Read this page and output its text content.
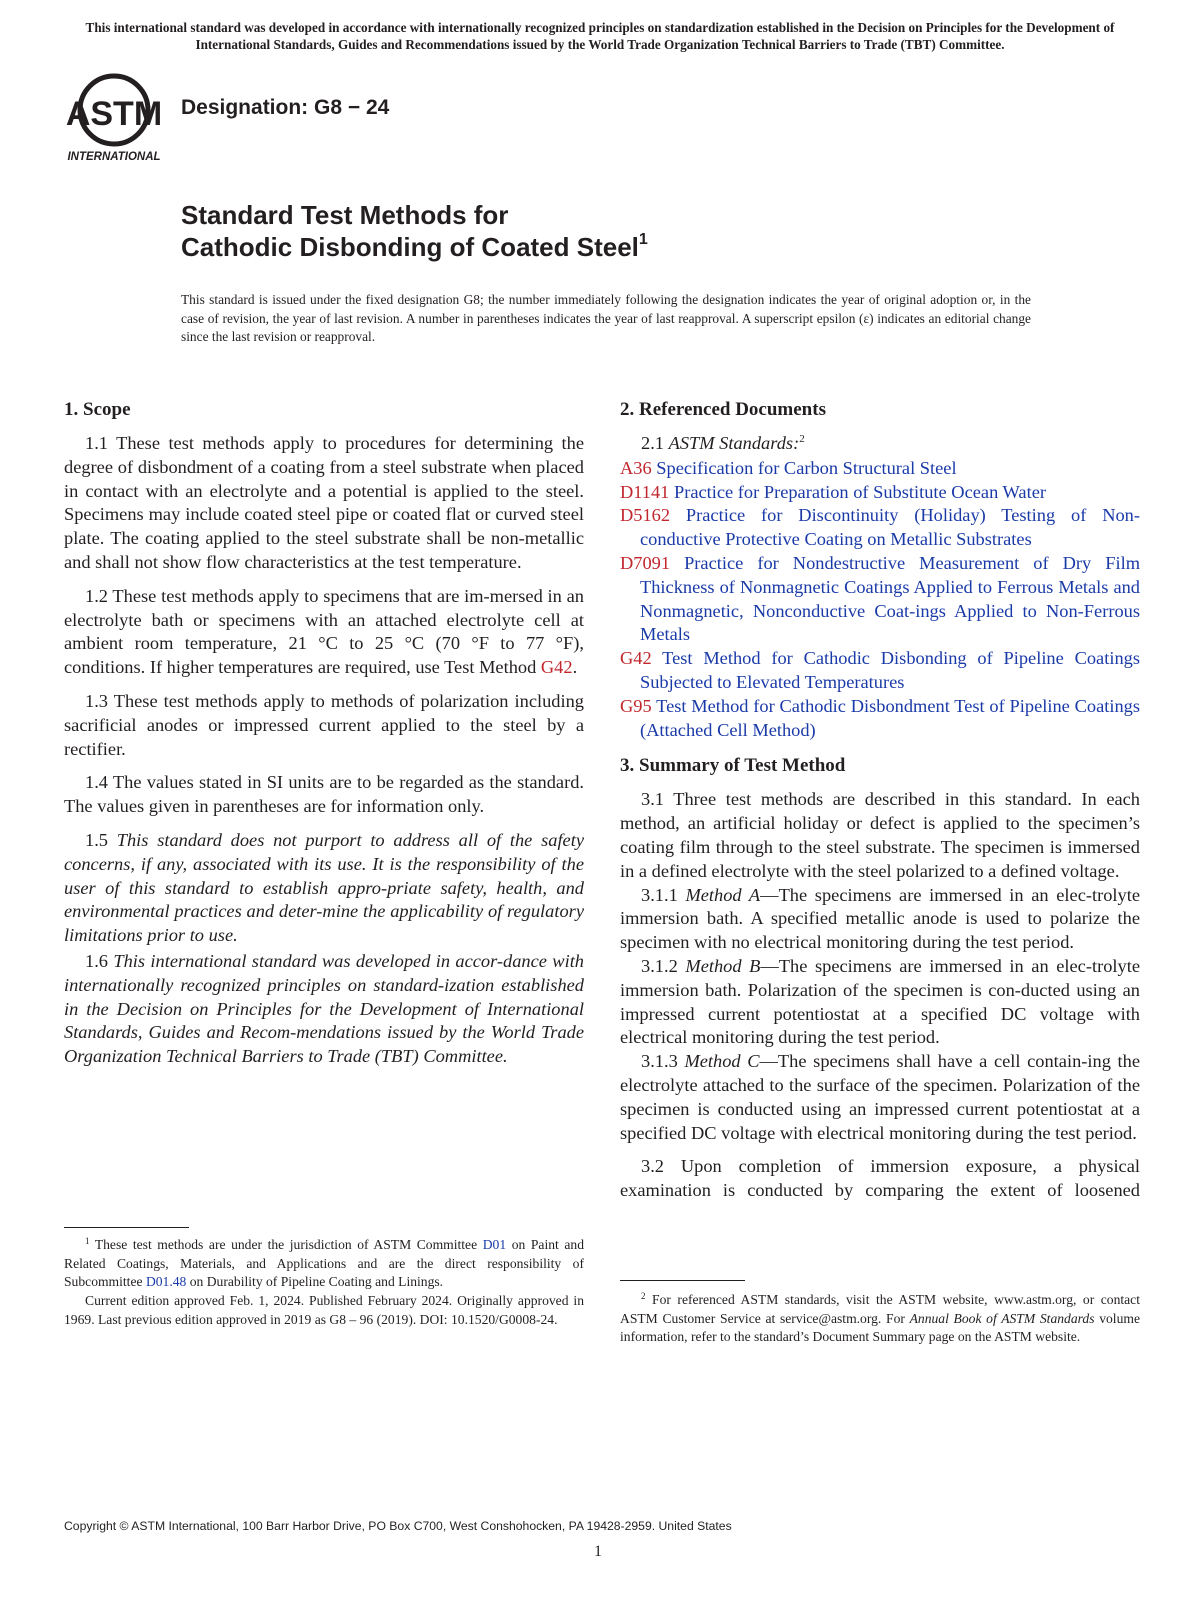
This international standard was developed in accordance with internationally recognized principles on standardization established in the Decision on Principles for the Development of International Standards, Guides and Recommendations issued by the World Trade Organization Technical Barriers to Trade (TBT) Committee.
ASTM
INTERNATIONAL
Designation: G8 − 24
Standard Test Methods for
Cathodic Disbonding of Coated Steel$^1$
This standard is issued under the fixed designation G8; the number immediately following the designation indicates the year of original adoption or, in the case of revision, the year of last revision. A number in parentheses indicates the year of last reapproval. A superscript epsilon (ε) indicates an editorial change since the last revision or reapproval.
1. Scope

1.1 These test methods apply to procedures for determining the degree of disbondment of a coating from a steel substrate when placed in contact with an electrolyte and a potential is applied to the steel. Specimens may include coated steel pipe or coated flat or curved steel plate. The coating applied to the steel substrate shall be non-metallic and shall not show flow characteristics at the test temperature.

1.2 These test methods apply to specimens that are im-mersed in an electrolyte bath or specimens with an attached electrolyte cell at ambient room temperature, 21 °C to 25 °C (70 °F to 77 °F), conditions. If higher temperatures are required, use Test Method G42.

1.3 These test methods apply to methods of polarization including sacrificial anodes or impressed current applied to the steel by a rectifier.

1.4 The values stated in SI units are to be regarded as the standard. The values given in parentheses are for information only.

1.5 This standard does not purport to address all of the safety concerns, if any, associated with its use. It is the responsibility of the user of this standard to establish appro-priate safety, health, and environmental practices and deter-mine the applicability of regulatory limitations prior to use.

1.6 This international standard was developed in accor-dance with internationally recognized principles on standard-ization established in the Decision on Principles for the Development of International Standards, Guides and Recom-mendations issued by the World Trade Organization Technical Barriers to Trade (TBT) Committee.

$^1$ These test methods are under the jurisdiction of ASTM Committee D01 on Paint and Related Coatings, Materials, and Applications and are the direct responsibility of Subcommittee D01.48 on Durability of Pipeline Coating and Linings.

Current edition approved Feb. 1, 2024. Published February 2024. Originally approved in 1969. Last previous edition approved in 2019 as G8 – 96 (2019). DOI: 10.1520/G0008-24.

2. Referenced Documents

2.1 ASTM Standards:$^2$

A36 Specification for Carbon Structural Steel
D1141 Practice for Preparation of Substitute Ocean Water
D5162 Practice for Discontinuity (Holiday) Testing of Non-conductive Protective Coating on Metallic Substrates
D7091 Practice for Nondestructive Measurement of Dry Film Thickness of Nonmagnetic Coatings Applied to Ferrous Metals and Nonmagnetic, Nonconductive Coat-ings Applied to Non-Ferrous Metals
G42 Test Method for Cathodic Disbonding of Pipeline Coatings Subjected to Elevated Temperatures
G95 Test Method for Cathodic Disbondment Test of Pipeline Coatings (Attached Cell Method)
3. Summary of Test Method

3.1 Three test methods are described in this standard. In each method, an artificial holiday or defect is applied to the specimen’s coating film through to the steel substrate. The specimen is immersed in a defined electrolyte with the steel polarized to a defined voltage.

3.1.1 Method A—The specimens are immersed in an elec-trolyte immersion bath. A specified metallic anode is used to polarize the specimen with no electrical monitoring during the test period.

3.1.2 Method B—The specimens are immersed in an elec-trolyte immersion bath. Polarization of the specimen is con-ducted using an impressed current potentiostat at a specified DC voltage with electrical monitoring during the test period.

3.1.3 Method C—The specimens shall have a cell contain-ing the electrolyte attached to the surface of the specimen. Polarization of the specimen is conducted using an impressed current potentiostat at a specified DC voltage with electrical monitoring during the test period.

3.2 Upon completion of immersion exposure, a physical examination is conducted by comparing the extent of loosened

$^2$ For referenced ASTM standards, visit the ASTM website, www.astm.org, or contact ASTM Customer Service at service@astm.org. For Annual Book of ASTM Standards volume information, refer to the standard’s Document Summary page on the ASTM website.

Copyright © ASTM International, 100 Barr Harbor Drive, PO Box C700, West Conshohocken, PA 19428-2959. United States
1
